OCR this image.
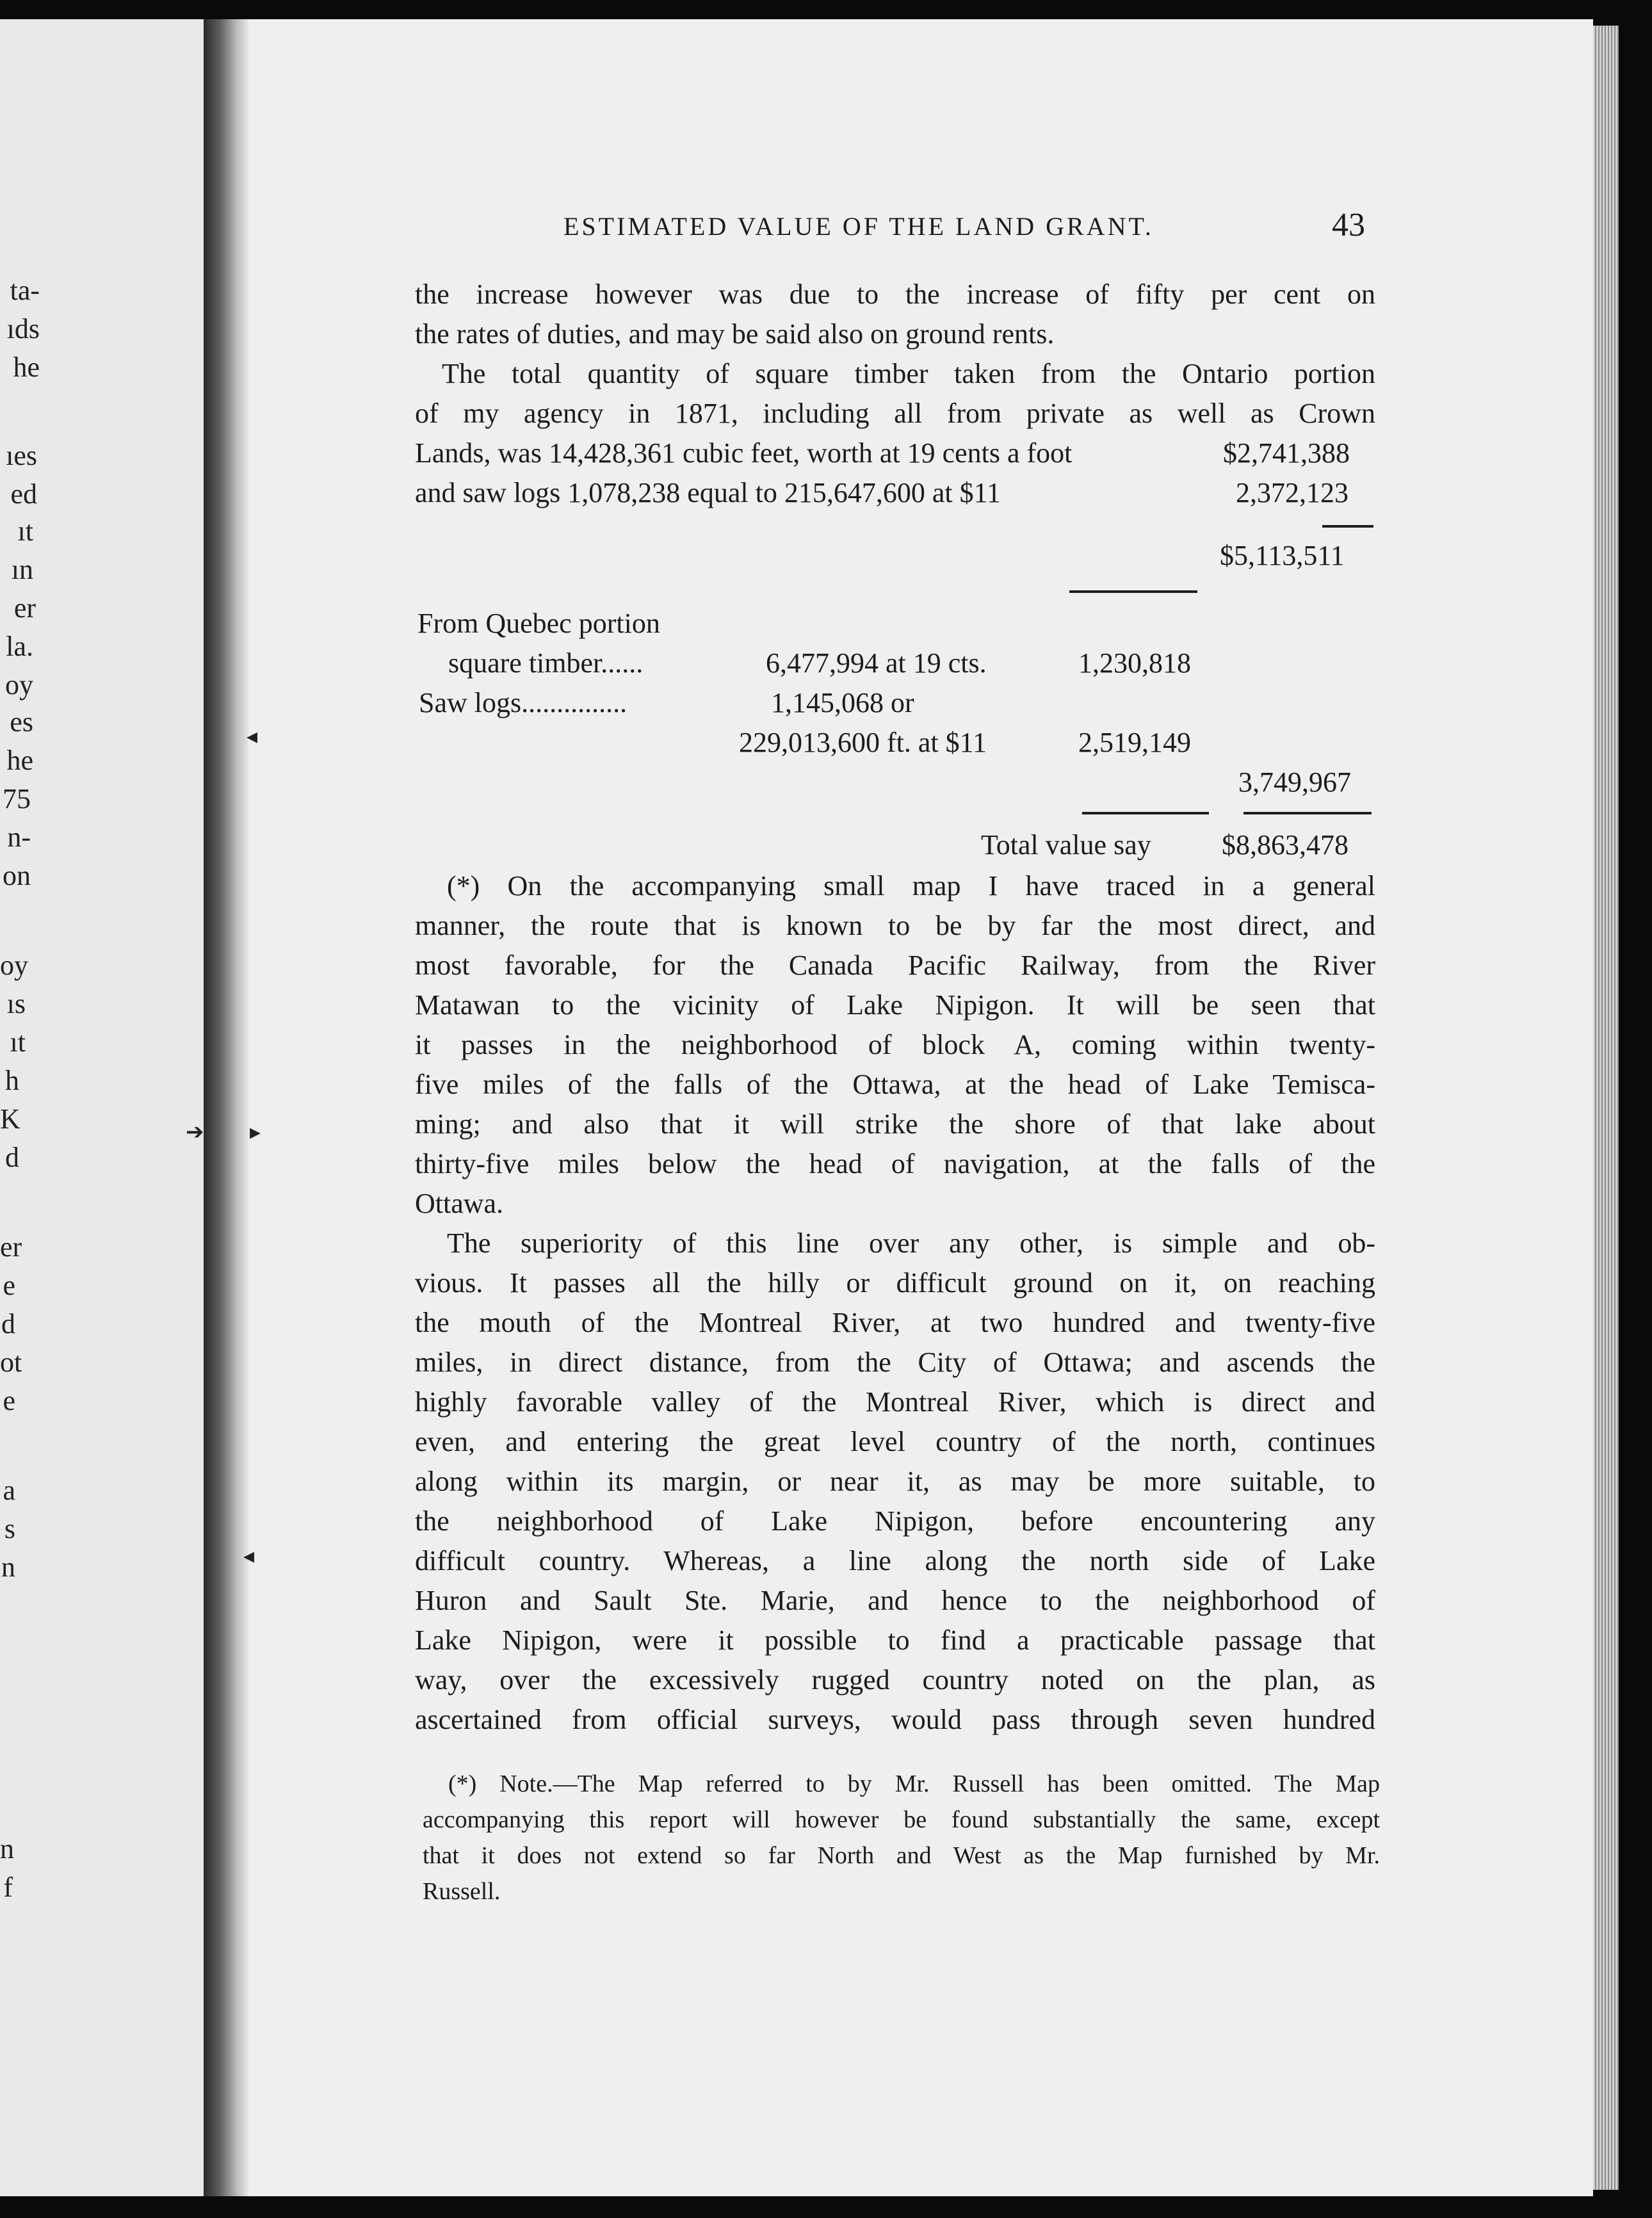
ta-
ıds
he
ıes
ed
ıt
ın
er
la.
oy
es
he
75
n-
on
oy
ıs
ıt
h
K
d
er
e
d
ot
e
a
s
n
n
f
◂
➔ ▸
◂
ESTIMATED VALUE OF THE LAND GRANT.	43
the increase however was due to the increase of fifty per cent on
the rates of duties, and may be said also on ground rents.
The total quantity of square timber taken from the Ontario portion
of my agency in 1871, including all from private as well as Crown
Lands, was 14,428,361 cubic feet, worth at 19 cents a foot	$2,741,388
and saw logs 1,078,238 equal to 215,647,600 at $11	2,372,123
$5,113,511
From Quebec portion
square timber......	6,477,994 at 19 cts.	1,230,818
Saw logs...............	1,145,068 or
229,013,600 ft. at $11	2,519,149
3,749,967
Total value say	$8,863,478
(*) On the accompanying small map I have traced in a general
manner, the route that is known to be by far the most direct, and
most favorable, for the Canada Pacific Railway, from the River
Matawan to the vicinity of Lake Nipigon. It will be seen that
it passes in the neighborhood of block A, coming within twenty-
five miles of the falls of the Ottawa, at the head of Lake Temisca-
ming; and also that it will strike the shore of that lake about
thirty-five miles below the head of navigation, at the falls of the
Ottawa.
The superiority of this line over any other, is simple and ob-
vious. It passes all the hilly or difficult ground on it, on reaching
the mouth of the Montreal River, at two hundred and twenty-five
miles, in direct distance, from the City of Ottawa; and ascends the
highly favorable valley of the Montreal River, which is direct and
even, and entering the great level country of the north, continues
along within its margin, or near it, as may be more suitable, to
the neighborhood of Lake Nipigon, before encountering any
difficult country. Whereas, a line along the north side of Lake
Huron and Sault Ste. Marie, and hence to the neighborhood of
Lake Nipigon, were it possible to find a practicable passage that
way, over the excessively rugged country noted on the plan, as
ascertained from official surveys, would pass through seven hundred
(*) Note.—The Map referred to by Mr. Russell has been omitted. The Map
accompanying this report will however be found substantially the same, except
that it does not extend so far North and West as the Map furnished by Mr.
Russell.
